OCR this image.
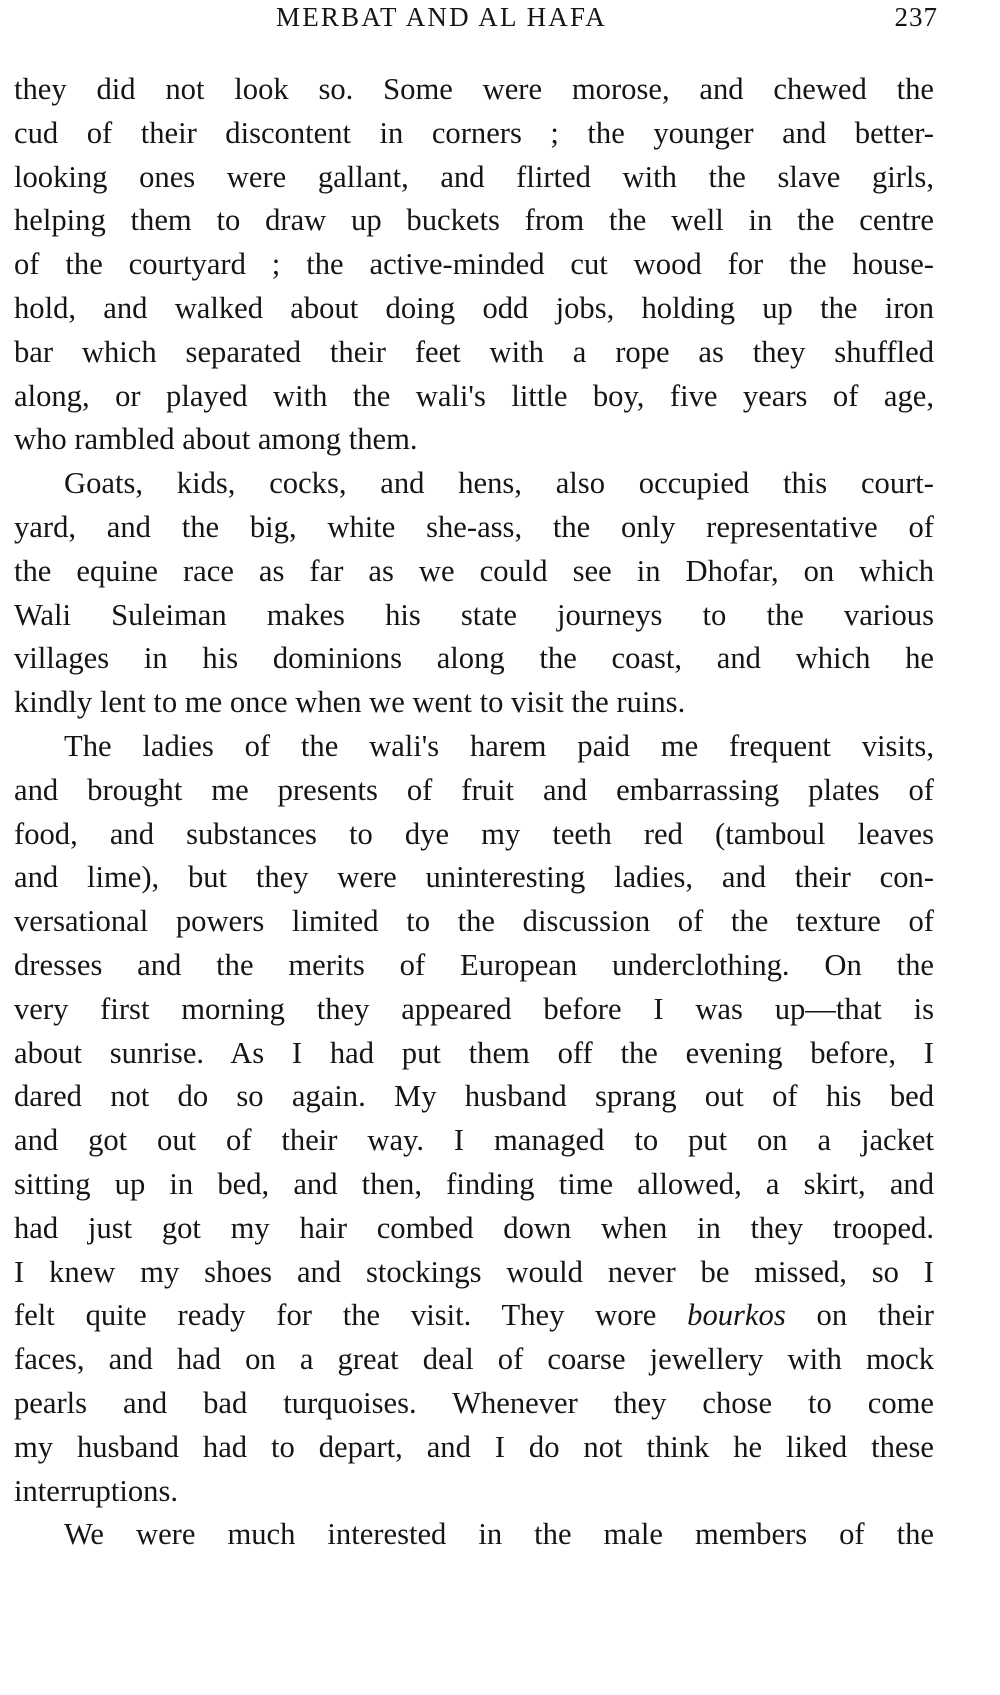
MERBAT AND AL HAFA	237

they did not look so. Some were morose, and chewed the
cud of their discontent in corners ; the younger and better-
looking ones were gallant, and flirted with the slave girls,
helping them to draw up buckets from the well in the centre
of the courtyard ; the active-minded cut wood for the house-
hold, and walked about doing odd jobs, holding up the iron
bar which separated their feet with a rope as they shuffled
along, or played with the wali's little boy, five years of age,
who rambled about among them.

Goats, kids, cocks, and hens, also occupied this court-
yard, and the big, white she-ass, the only representative of
the equine race as far as we could see in Dhofar, on which
Wali Suleiman makes his state journeys to the various
villages in his dominions along the coast, and which he
kindly lent to me once when we went to visit the ruins.

The ladies of the wali's harem paid me frequent visits,
and brought me presents of fruit and embarrassing plates of
food, and substances to dye my teeth red (tamboul leaves
and lime), but they were uninteresting ladies, and their con-
versational powers limited to the discussion of the texture of
dresses and the merits of European underclothing. On the
very first morning they appeared before I was up—that is
about sunrise. As I had put them off the evening before, I
dared not do so again. My husband sprang out of his bed
and got out of their way. I managed to put on a jacket
sitting up in bed, and then, finding time allowed, a skirt, and
had just got my hair combed down when in they trooped.
I knew my shoes and stockings would never be missed, so I
felt quite ready for the visit. They wore bourkos on their
faces, and had on a great deal of coarse jewellery with mock
pearls and bad turquoises. Whenever they chose to come
my husband had to depart, and I do not think he liked these
interruptions.

We were much interested in the male members of the
